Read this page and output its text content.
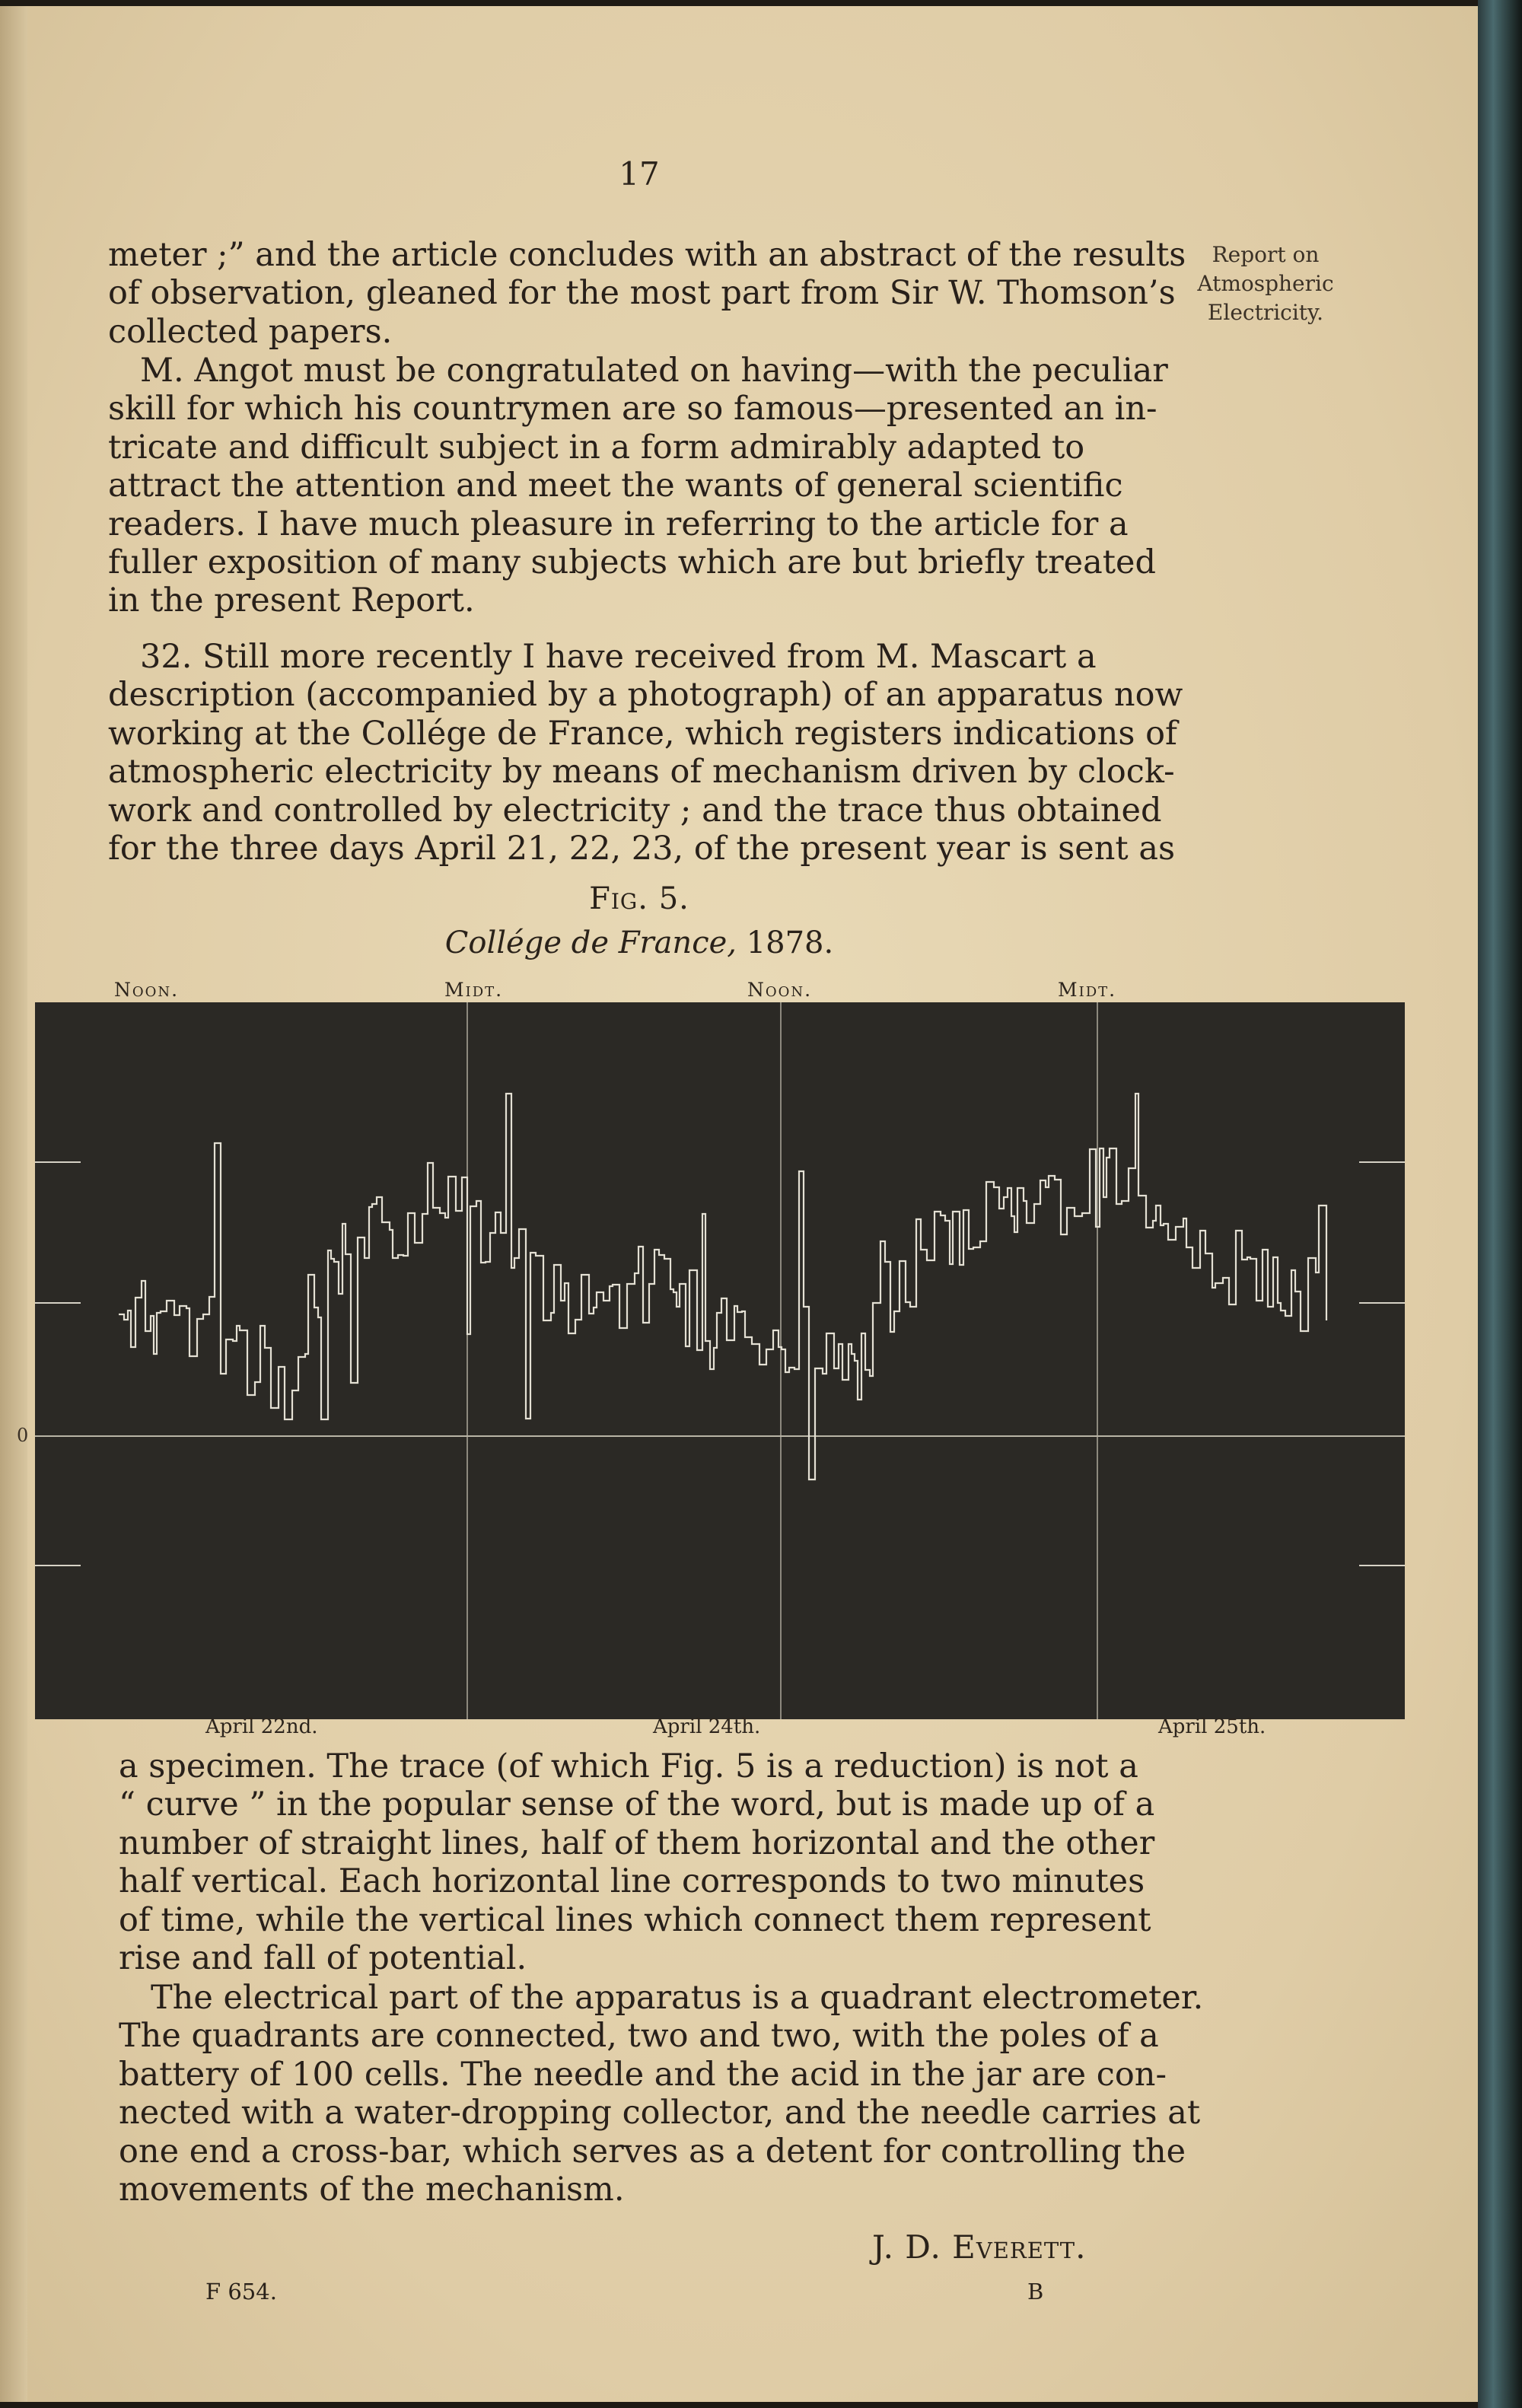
17
Report on
Atmospheric
Electricity.

meter ;” and the article concludes with an abstract of the results
of observation, gleaned for the most part from Sir W. Thomson’s
collected papers.

M. Angot must be congratulated on having—with the peculiar
skill for which his countrymen are so famous—presented an in-
tricate and difficult subject in a form admirably adapted to
attract the attention and meet the wants of general scientific
readers. I have much pleasure in referring to the article for a
fuller exposition of many subjects which are but briefly treated
in the present Report.

32. Still more recently I have received from M. Mascart a
description (accompanied by a photograph) of an apparatus now
working at the Collége de France, which registers indications of
atmospheric electricity by means of mechanism driven by clock-
work and controlled by electricity ; and the trace thus obtained
for the three days April 21, 22, 23, of the present year is sent as

Fig. 5.
Collége de France, 1878.
Noon.	Midt.	Noon.	Midt.
0
April 22nd.	April 24th.	April 25th.

a specimen. The trace (of which Fig. 5 is a reduction) is not a
“ curve ” in the popular sense of the word, but is made up of a
number of straight lines, half of them horizontal and the other
half vertical. Each horizontal line corresponds to two minutes
of time, while the vertical lines which connect them represent
rise and fall of potential.

The electrical part of the apparatus is a quadrant electrometer.
The quadrants are connected, two and two, with the poles of a
battery of 100 cells. The needle and the acid in the jar are con-
nected with a water-dropping collector, and the needle carries at
one end a cross-bar, which serves as a detent for controlling the
movements of the mechanism.

J. D. Everett.
F 654.	B
